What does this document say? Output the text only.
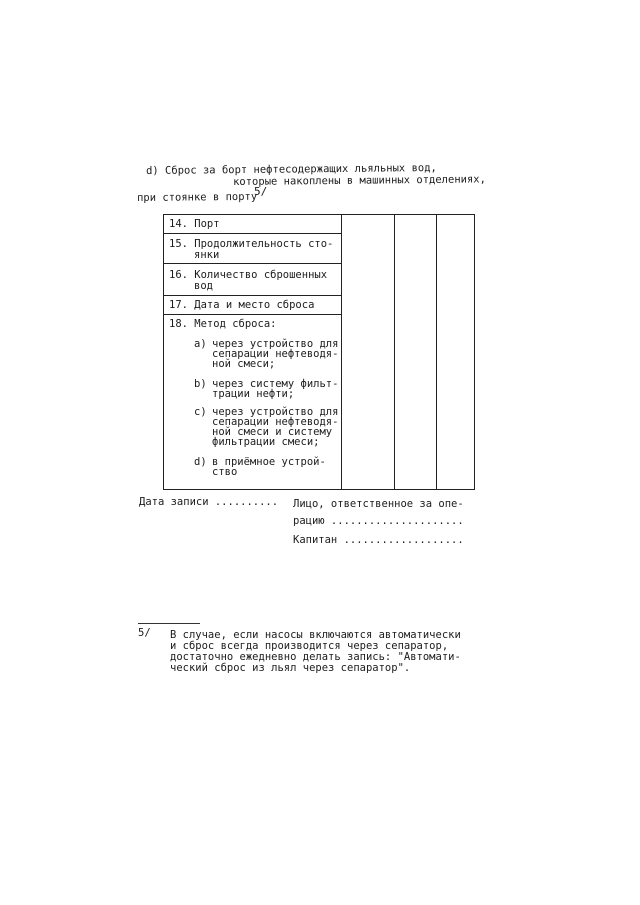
d) Сброс за борт нефтесодержащих льяльных вод,
которые накоплены в машинных отделениях,
при стоянке в порту
5/
14. Порт
15. Продолжительность сто-
янки
16. Количество сброшенных
вод
17. Дата и место сброса
18. Метод сброса:
a) через устройство для
сепарации нефтеводя-
ной смеси;
b) через систему фильт-
трации нефти;
c) через устройство для
сепарации нефтеводя-
ной смеси и систему
фильтрации смеси;
d) в приёмное устрой-
ство
Дата записи .......... Лицо, ответственное за опе-
рацию .....................
Капитан ...................
5/ В случае, если насосы включаются автоматически
и сброс всегда производится через сепаратор,
достаточно ежедневно делать запись: "Автомати-
ческий сброс из льял через сепаратор".
